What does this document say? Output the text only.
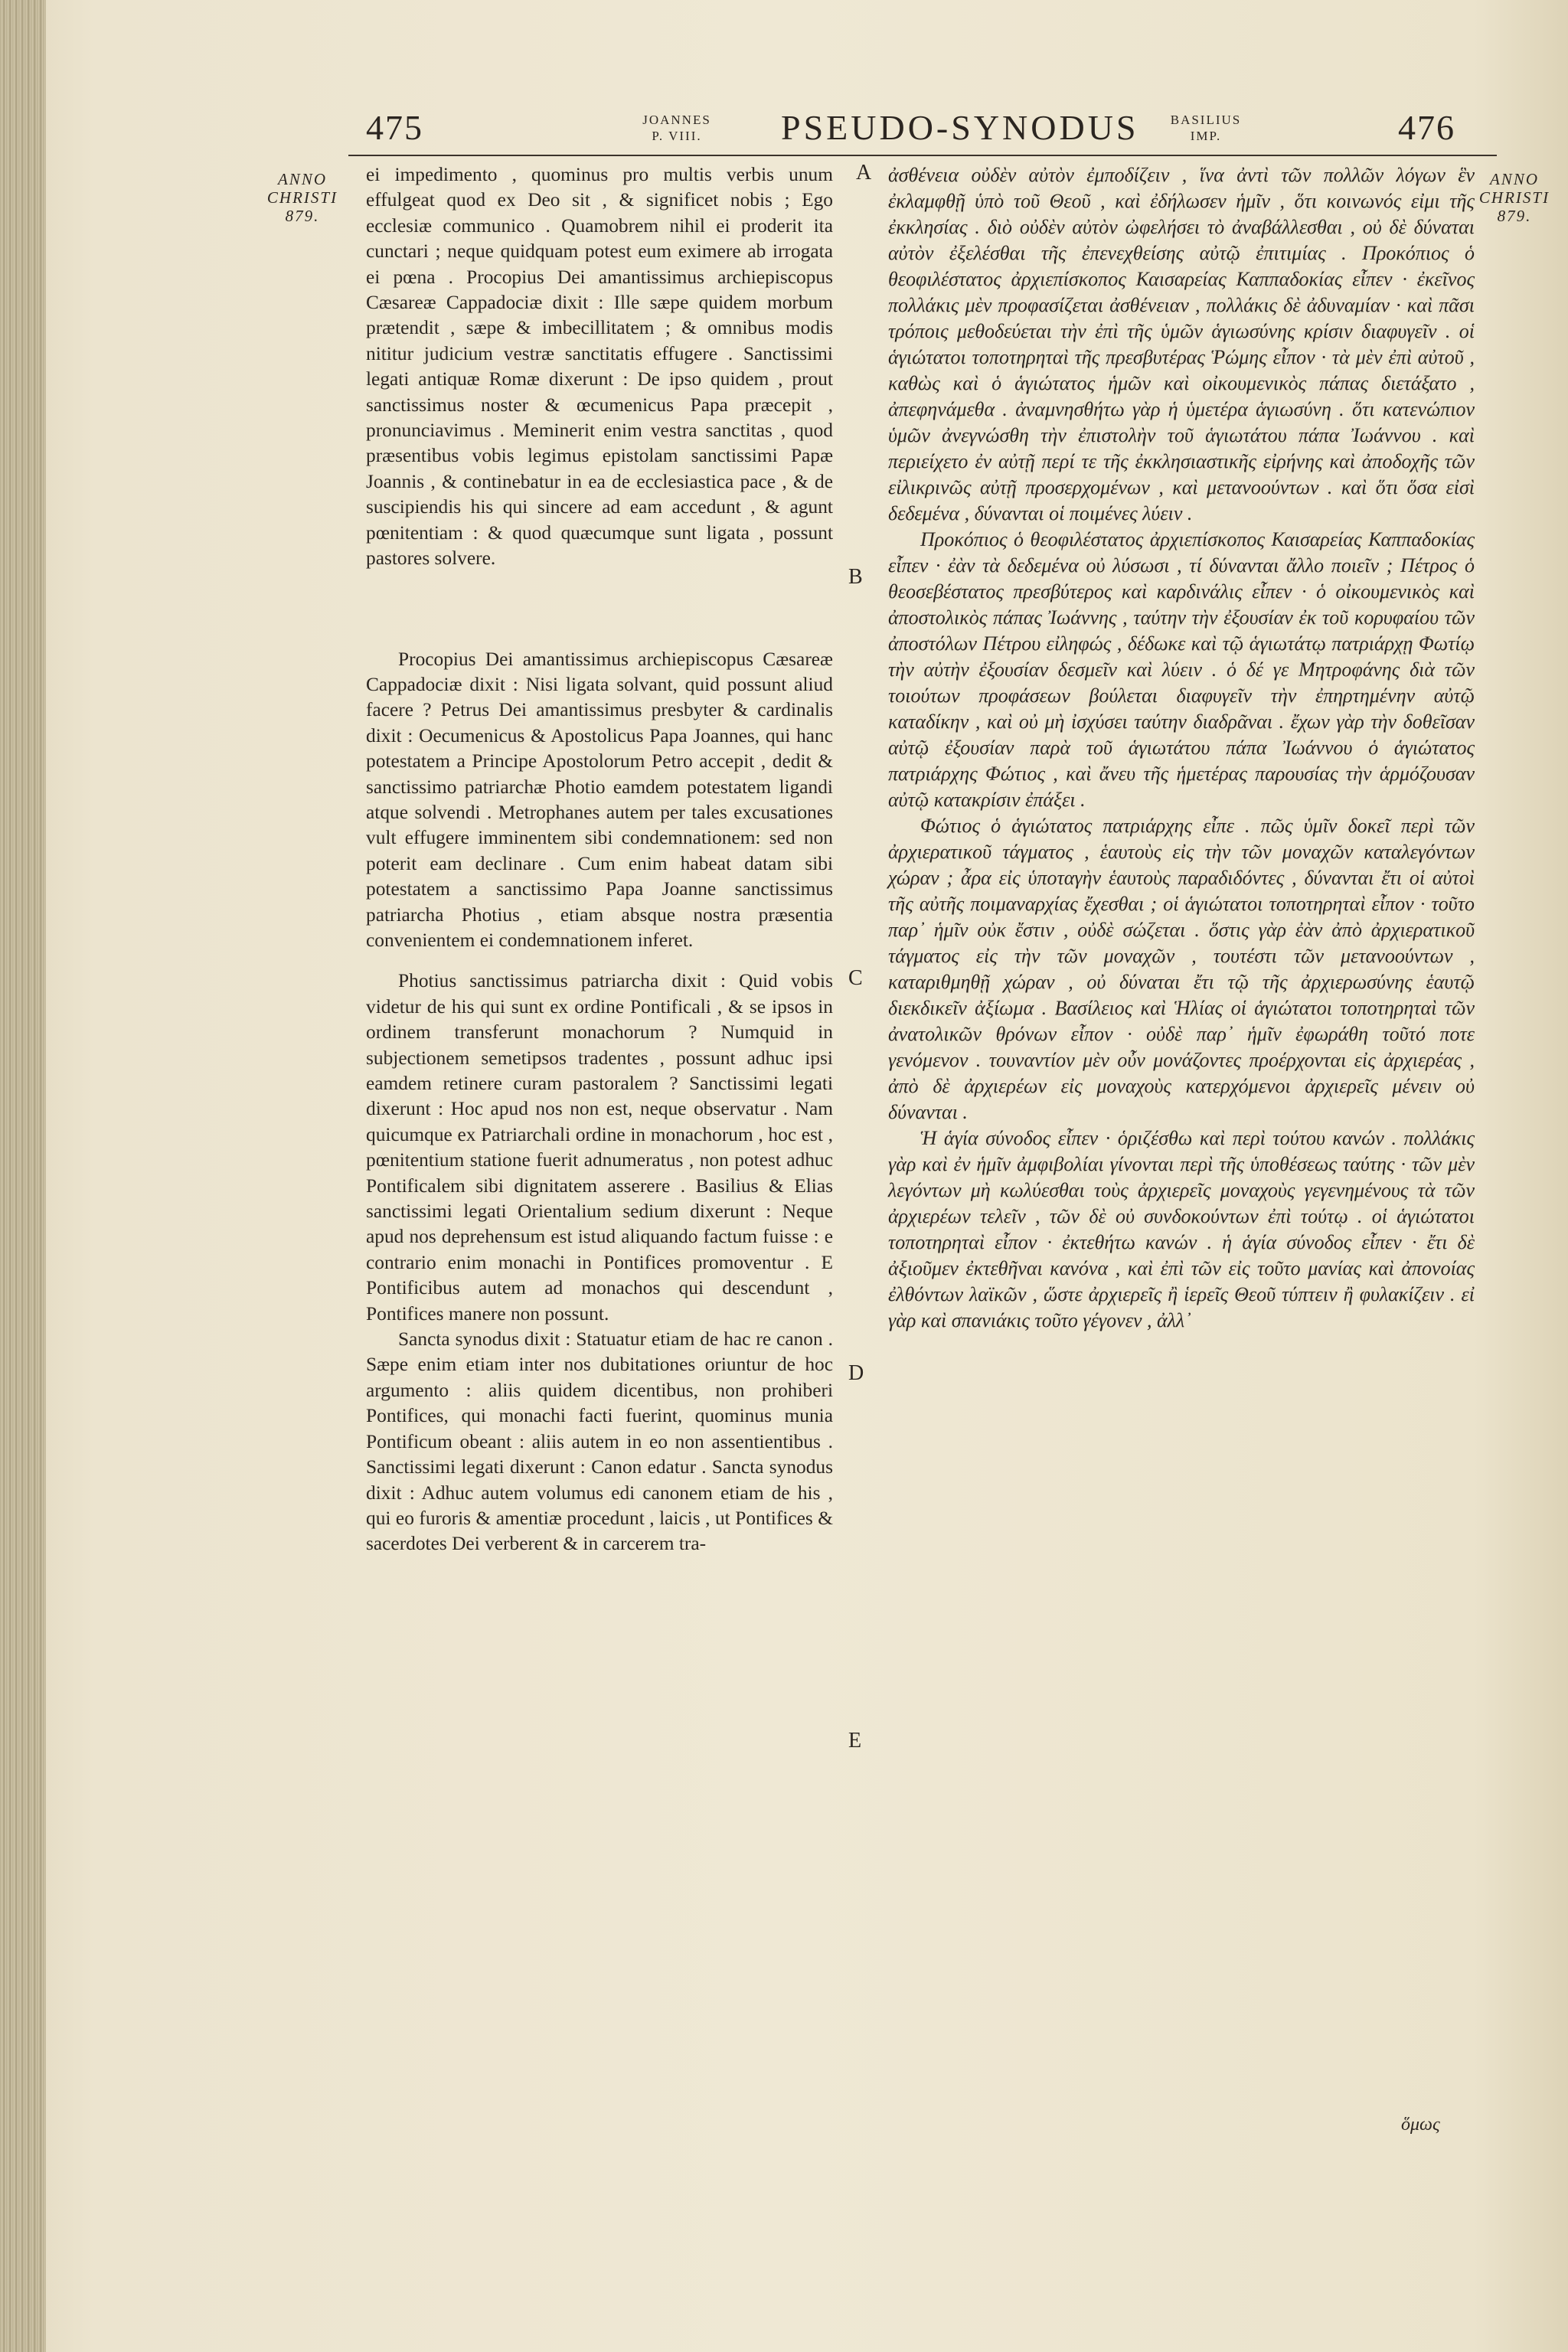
475	JOANNES
P. VIII.	PSEUDO-SYNODUS	BASILIUS
IMP.	476
ANNO
CHRISTI
879.
ANNO
CHRISTI
879.
A
B
C
D
E

ei impedimento , quominus pro multis verbis unum effulgeat quod ex Deo sit , & significet nobis ; Ego ecclesiæ communico . Quamobrem nihil ei proderit ita cunctari ; neque quidquam potest eum eximere ab irrogata ei pœna . Procopius Dei amantissimus archiepiscopus Cæsareæ Cappadociæ dixit : Ille sæpe quidem morbum prætendit , sæpe & imbecillitatem ; & omnibus modis nititur judicium vestræ sanctitatis effugere . Sanctissimi legati antiquæ Romæ dixerunt : De ipso quidem , prout sanctissimus noster & œcumenicus Papa præcepit , pronunciavimus . Meminerit enim vestra sanctitas , quod præsentibus vobis legimus epistolam sanctissimi Papæ Joannis , & continebatur in ea de ecclesiastica pace , & de suscipiendis his qui sincere ad eam accedunt , & agunt pœnitentiam : & quod quæcumque sunt ligata , possunt pastores solvere.

Procopius Dei amantissimus archiepiscopus Cæsareæ Cappadociæ dixit : Nisi ligata solvant, quid possunt aliud facere ? Petrus Dei amantissimus presbyter & cardinalis dixit : Oecumenicus & Apostolicus Papa Joannes, qui hanc potestatem a Principe Apostolorum Petro accepit , dedit & sanctissimo patriarchæ Photio eamdem potestatem ligandi atque solvendi . Metrophanes autem per tales excusationes vult effugere imminentem sibi condemnationem: sed non poterit eam declinare . Cum enim habeat datam sibi potestatem a sanctissimo Papa Joanne sanctissimus patriarcha Photius , etiam absque nostra præsentia convenientem ei condemnationem inferet.

Photius sanctissimus patriarcha dixit : Quid vobis videtur de his qui sunt ex ordine Pontificali , & se ipsos in ordinem transferunt monachorum ? Numquid in subjectionem semetipsos tradentes , possunt adhuc ipsi eamdem retinere curam pastoralem ? Sanctissimi legati dixerunt : Hoc apud nos non est, neque observatur . Nam quicumque ex Patriarchali ordine in monachorum , hoc est , pœnitentium statione fuerit adnumeratus , non potest adhuc Pontificalem sibi dignitatem asserere . Basilius & Elias sanctissimi legati Orientalium sedium dixerunt : Neque apud nos deprehensum est istud aliquando factum fuisse : e contrario enim monachi in Pontifices promoventur . E Pontificibus autem ad monachos qui descendunt , Pontifices manere non possunt.

Sancta synodus dixit : Statuatur etiam de hac re canon . Sæpe enim etiam inter nos dubitationes oriuntur de hoc argumento : aliis quidem dicentibus, non prohiberi Pontifices, qui monachi facti fuerint, quominus munia Pontificum obeant : aliis autem in eo non assentientibus . Sanctissimi legati dixerunt : Canon edatur . Sancta synodus dixit : Adhuc autem volumus edi canonem etiam de his , qui eo furoris & amentiæ procedunt , laicis , ut Pontifices & sacerdotes Dei verberent & in carcerem tra-

ἀσθένεια οὐδὲν αὐτὸν ἐμποδίζειν , ἵνα ἀντὶ τῶν πολλῶν λόγων ἓν ἐκλαμφθῇ ὑπὸ τοῦ Θεοῦ , καὶ ἐδήλωσεν ἡμῖν , ὅτι κοινωνός εἰμι τῆς ἐκκλησίας . διὸ οὐδὲν αὐτὸν ὠφελήσει τὸ ἀναβάλλεσθαι , οὐ δὲ δύναται αὐτὸν ἐξελέσθαι τῆς ἐπενεχθείσης αὐτῷ ἐπιτιμίας . Προκόπιος ὁ θεοφιλέστατος ἀρχιεπίσκοπος Καισαρείας Καππαδοκίας εἶπεν · ἐκεῖνος πολλάκις μὲν προφασίζεται ἀσθένειαν , πολλάκις δὲ ἀδυναμίαν · καὶ πᾶσι τρόποις μεθοδεύεται τὴν ἐπὶ τῆς ὑμῶν ἁγιωσύνης κρίσιν διαφυγεῖν . οἱ ἁγιώτατοι τοποτηρηταὶ τῆς πρεσβυτέρας Ῥώμης εἶπον · τὰ μὲν ἐπὶ αὐτοῦ , καθὼς καὶ ὁ ἁγιώτατος ἡμῶν καὶ οἰκουμενικὸς πάπας διετάξατο , ἀπεφηνάμεθα . ἀναμνησθήτω γὰρ ἡ ὑμετέρα ἁγιωσύνη . ὅτι κατενώπιον ὑμῶν ἀνεγνώσθη τὴν ἐπιστολὴν τοῦ ἁγιωτάτου πάπα Ἰωάννου . καὶ περιείχετο ἐν αὐτῇ περί τε τῆς ἐκκλησιαστικῆς εἰρήνης καὶ ἀποδοχῆς τῶν εἰλικρινῶς αὐτῇ προσερχομένων , καὶ μετανοούντων . καὶ ὅτι ὅσα εἰσὶ δεδεμένα , δύνανται οἱ ποιμένες λύειν .

Προκόπιος ὁ θεοφιλέστατος ἀρχιεπίσκοπος Καισαρείας Καππαδοκίας εἶπεν · ἐὰν τὰ δεδεμένα οὐ λύσωσι , τί δύνανται ἄλλο ποιεῖν ; Πέτρος ὁ θεοσεβέστατος πρεσβύτερος καὶ καρδινάλις εἶπεν · ὁ οἰκουμενικὸς καὶ ἀποστολικὸς πάπας Ἰωάννης , ταύτην τὴν ἐξουσίαν ἐκ τοῦ κορυφαίου τῶν ἀποστόλων Πέτρου εἰληφώς , δέδωκε καὶ τῷ ἁγιωτάτῳ πατριάρχῃ Φωτίῳ τὴν αὐτὴν ἐξουσίαν δεσμεῖν καὶ λύειν . ὁ δέ γε Μητροφάνης διὰ τῶν τοιούτων προφάσεων βούλεται διαφυγεῖν τὴν ἐπηρτημένην αὐτῷ καταδίκην , καὶ οὐ μὴ ἰσχύσει ταύτην διαδρᾶναι . ἔχων γὰρ τὴν δοθεῖσαν αὐτῷ ἐξουσίαν παρὰ τοῦ ἁγιωτάτου πάπα Ἰωάννου ὁ ἁγιώτατος πατριάρχης Φώτιος , καὶ ἄνευ τῆς ἡμετέρας παρουσίας τὴν ἁρμόζουσαν αὐτῷ κατακρίσιν ἐπάξει .

Φώτιος ὁ ἁγιώτατος πατριάρχης εἶπε . πῶς ὑμῖν δοκεῖ περὶ τῶν ἀρχιερατικοῦ τάγματος , ἑαυτοὺς εἰς τὴν τῶν μοναχῶν καταλεγόντων χώραν ; ἆρα εἰς ὑποταγὴν ἑαυτοὺς παραδιδόντες , δύνανται ἔτι οἱ αὐτοὶ τῆς αὐτῆς ποιμαναρχίας ἔχεσθαι ; οἱ ἁγιώτατοι τοποτηρηταὶ εἶπον · τοῦτο παρ᾽ ἡμῖν οὐκ ἔστιν , οὐδὲ σώζεται . ὅστις γὰρ ἐὰν ἀπὸ ἀρχιερατικοῦ τάγματος εἰς τὴν τῶν μοναχῶν , τουτέστι τῶν μετανοούντων , καταριθμηθῇ χώραν , οὐ δύναται ἔτι τῷ τῆς ἀρχιερωσύνης ἑαυτῷ διεκδικεῖν ἀξίωμα . Βασίλειος καὶ Ἡλίας οἱ ἁγιώτατοι τοποτηρηταὶ τῶν ἀνατολικῶν θρόνων εἶπον · οὐδὲ παρ᾽ ἡμῖν ἐφωράθη τοῦτό ποτε γενόμενον . τουναντίον μὲν οὖν μονάζοντες προέρχονται εἰς ἀρχιερέας , ἀπὸ δὲ ἀρχιερέων εἰς μοναχοὺς κατερχόμενοι ἀρχιερεῖς μένειν οὐ δύνανται .

Ἡ ἁγία σύνοδος εἶπεν · ὁριζέσθω καὶ περὶ τούτου κανών . πολλάκις γὰρ καὶ ἐν ἡμῖν ἀμφιβολίαι γίνονται περὶ τῆς ὑποθέσεως ταύτης · τῶν μὲν λεγόντων μὴ κωλύεσθαι τοὺς ἀρχιερεῖς μοναχοὺς γεγενημένους τὰ τῶν ἀρχιερέων τελεῖν , τῶν δὲ οὐ συνδοκούντων ἐπὶ τούτῳ . οἱ ἁγιώτατοι τοποτηρηταὶ εἶπον · ἐκτεθήτω κανών . ἡ ἁγία σύνοδος εἶπεν · ἔτι δὲ ἀξιοῦμεν ἐκτεθῆναι κανόνα , καὶ ἐπὶ τῶν εἰς τοῦτο μανίας καὶ ἀπονοίας ἐλθόντων λαϊκῶν , ὥστε ἀρχιερεῖς ἢ ἱερεῖς Θεοῦ τύπτειν ἢ φυλακίζειν . εἰ γὰρ καὶ σπανιάκις τοῦτο γέγονεν , ἀλλ᾽

ὅμως
